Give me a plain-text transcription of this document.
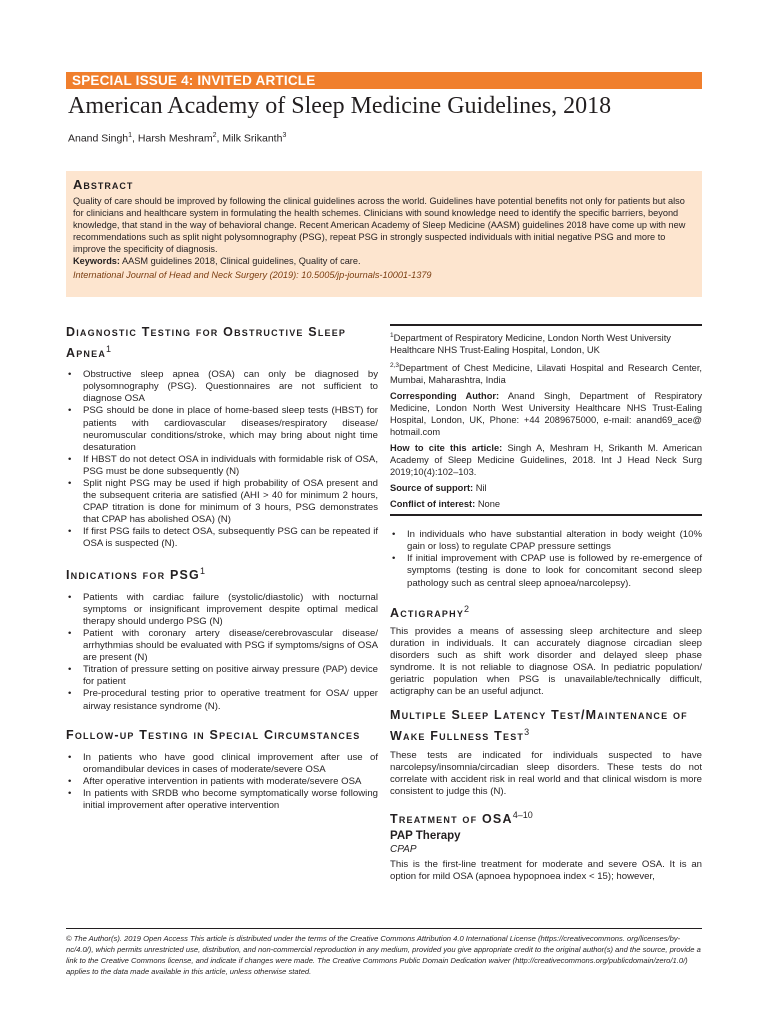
SPECIAL ISSUE 4: INVITED ARTICLE
American Academy of Sleep Medicine Guidelines, 2018
Anand Singh$^1$, Harsh Meshram$^2$, Milk Srikanth$^3$

Abstract

Quality of care should be improved by following the clinical guidelines across the world. Guidelines have potential benefits not only for patients but also for clinicians and healthcare system in formulating the health schemes. Clinicians with sound knowledge need to identify the specific barriers, beyond knowledge, that stand in the way of behavioral change. Recent American Academy of Sleep Medicine (AASM) guidelines 2018 have come up with new recommendations such as split night polysomnography (PSG), repeat PSG in strongly suspected individuals with initial negative PSG and more to improve the specificity of diagnosis.

Keywords: AASM guidelines 2018, Clinical guidelines, Quality of care.

International Journal of Head and Neck Surgery (2019): 10.5005/jp-journals-10001-1379

Diagnostic Testing for Obstructive Sleep Apnea$^1$

• Obstructive sleep apnea (OSA) can only be diagnosed by polysomnography (PSG). Questionnaires are not sufficient to diagnose OSA
• PSG should be done in place of home-based sleep tests (HBST) for patients with cardiovascular diseases/respiratory disease/ neuromuscular conditions/stroke, which may bring about night time desaturation
• If HBST do not detect OSA in individuals with formidable risk of OSA, PSG must be done subsequently (N)
• Split night PSG may be used if high probability of OSA present and the subsequent criteria are satisfied (AHI > 40 for minimum 2 hours, CPAP titration is done for minimum of 3 hours, PSG demonstrates that CPAP has abolished OSA) (N)
• If first PSG fails to detect OSA, subsequently PSG can be repeated if OSA is suspected (N).

Indications for PSG$^1$

• Patients with cardiac failure (systolic/diastolic) with nocturnal symptoms or insignificant improvement despite optimal medical therapy should undergo PSG (N)
• Patient with coronary artery disease/cerebrovascular disease/ arrhythmias should be evaluated with PSG if symptoms/signs of OSA are present (N)
• Titration of pressure setting on positive airway pressure (PAP) device for patient
• Pre-procedural testing prior to operative treatment for OSA/ upper airway resistance syndrome (N).

Follow-up Testing in Special Circumstances

• In patients who have good clinical improvement after use of oromandibular devices in cases of moderate/severe OSA
• After operative intervention in patients with moderate/severe OSA
• In patients with SRDB who become symptomatically worse following initial improvement after operative intervention

$^1$Department of Respiratory Medicine, London North West University Healthcare NHS Trust-Ealing Hospital, London, UK

$^{2,3}$Department of Chest Medicine, Lilavati Hospital and Research Center, Mumbai, Maharashtra, India

Corresponding Author: Anand Singh, Department of Respiratory Medicine, London North West University Healthcare NHS Trust-Ealing Hospital, London, UK, Phone: +44 2089675000, e-mail: anand69_ace@ hotmail.com

How to cite this article: Singh A, Meshram H, Srikanth M. American Academy of Sleep Medicine Guidelines, 2018. Int J Head Neck Surg 2019;10(4):102–103.

Source of support: Nil

Conflict of interest: None

• In individuals who have substantial alteration in body weight (10% gain or loss) to regulate CPAP pressure settings
• If initial improvement with CPAP use is followed by re-emergence of symptoms (testing is done to look for concomitant second sleep pathology such as central sleep apnoea/narcolepsy).

Actigraphy$^2$

This provides a means of assessing sleep architecture and sleep duration in individuals. It can accurately diagnose circadian sleep disorders such as shift work disorder and delayed sleep phase syndrome. It is not reliable to diagnose OSA. In pediatric population/ geriatric population when PSG is unavailable/technically difficult, actigraphy can be an useful adjunct.

Multiple Sleep Latency Test/Maintenance of Wake Fullness Test$^3$

These tests are indicated for individuals suspected to have narcolepsy/insomnia/circadian sleep disorders. These tests do not correlate with accident risk in real world and that clinical wisdom is more consistent to judge this (N).

Treatment of OSA$^{4-10}$

PAP Therapy

CPAP

This is the first-line treatment for moderate and severe OSA. It is an option for mild OSA (apnoea hypopnoea index < 15); however,

© The Author(s). 2019 Open Access This article is distributed under the terms of the Creative Commons Attribution 4.0 International License (https://creativecommons. org/licenses/by-nc/4.0/), which permits unrestricted use, distribution, and non-commercial reproduction in any medium, provided you give appropriate credit to the original author(s) and the source, provide a link to the Creative Commons license, and indicate if changes were made. The Creative Commons Public Domain Dedication waiver (http://creativecommons.org/publicdomain/zero/1.0/) applies to the data made available in this article, unless otherwise stated.
